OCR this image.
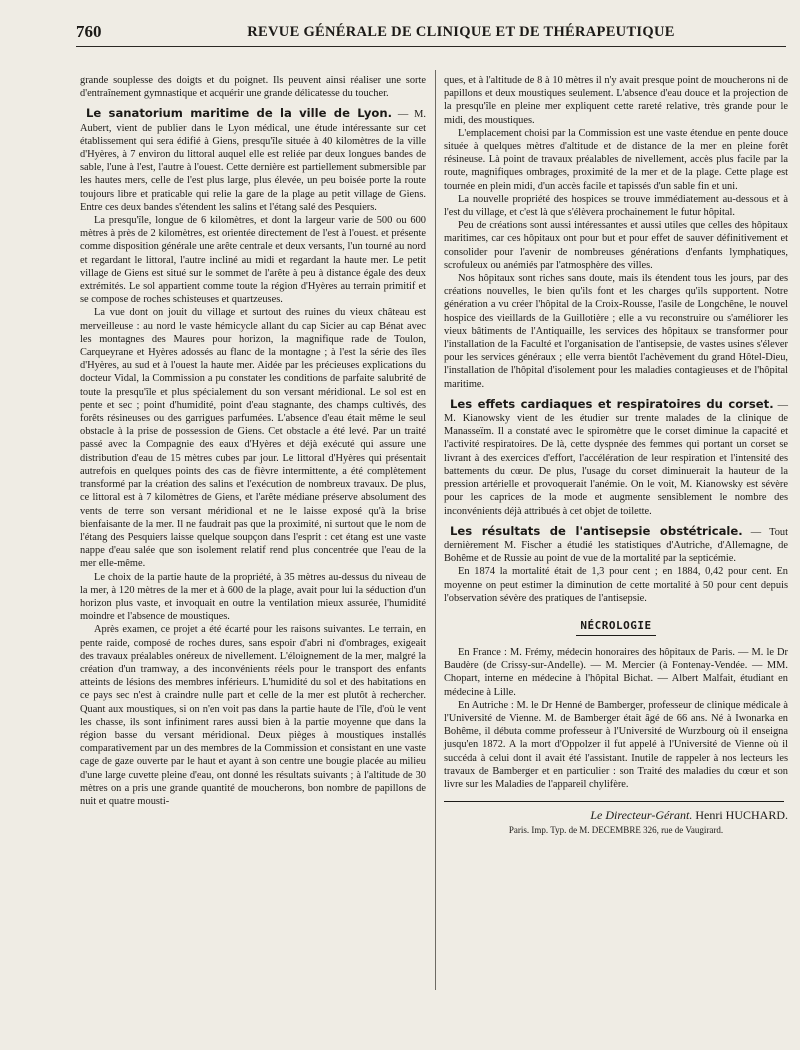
760	REVUE GÉNÉRALE DE CLINIQUE ET DE THÉRAPEUTIQUE

grande souplesse des doigts et du poignet. Ils peuvent ainsi réaliser une sorte d'entraînement gymnastique et acquérir une grande délicatesse du toucher.

Le sanatorium maritime de la ville de Lyon. — M. Aubert, vient de publier dans le Lyon médical, une étude intéressante sur cet établissement qui sera édifié à Giens, presqu'île située à 40 kilomètres de la ville d'Hyères, à 7 environ du littoral auquel elle est reliée par deux longues bandes de sable, l'une à l'est, l'autre à l'ouest. Cette dernière est partiellement submersible par les hautes mers, celle de l'est plus large, plus élevée, un peu boisée porte la route toujours libre et praticable qui relie la gare de la plage au petit village de Giens. Entre ces deux bandes s'étendent les salins et l'étang salé des Pesquiers.

La presqu'île, longue de 6 kilomètres, et dont la largeur varie de 500 ou 600 mètres à près de 2 kilomètres, est orientée directement de l'est à l'ouest. et présente comme disposition générale une arête centrale et deux versants, l'un tourné au nord et regardant le littoral, l'autre incliné au midi et regardant la haute mer. Le petit village de Giens est situé sur le sommet de l'arête à peu à distance égale des deux extrémités. Le sol appartient comme toute la région d'Hyères au terrain primitif et se compose de roches schisteuses et quartzeuses.

La vue dont on jouit du village et surtout des ruines du vieux château est merveilleuse : au nord le vaste hémicycle allant du cap Sicier au cap Bénat avec les montagnes des Maures pour horizon, la magnifique rade de Toulon, Carqueyrane et Hyères adossés au flanc de la montagne ; à l'est la série des îles d'Hyères, au sud et à l'ouest la haute mer. Aidée par les précieuses explications du docteur Vidal, la Commission a pu constater les conditions de parfaite salubrité de toute la presqu'île et plus spécialement du son versant méridional. Le sol est en pente et sec ; point d'humidité, point d'eau stagnante, des champs cultivés, des forêts résineuses ou des garrigues parfumées. L'absence d'eau était même le seul obstacle à la prise de possession de Giens. Cet obstacle a été levé. Par un traité passé avec la Compagnie des eaux d'Hyères et déjà exécuté qui assure une distribution d'eau de 15 mètres cubes par jour. Le littoral d'Hyères qui présentait autrefois en quelques points des cas de fièvre intermittente, a été complètement transformé par la création des salins et l'exécution de nombreux travaux. De plus, ce littoral est à 7 kilomètres de Giens, et l'arête médiane préserve absolument des vents de terre son versant méridional et ne le laisse exposé qu'à la brise bienfaisante de la mer. Il ne faudrait pas que la proximité, ni surtout que le nom de l'étang des Pesquiers laisse quelque soupçon dans l'esprit : cet étang est une vaste nappe d'eau salée que son isolement relatif rend plus concentrée que l'eau de la mer elle-même.

Le choix de la partie haute de la propriété, à 35 mètres au-dessus du niveau de la mer, à 120 mètres de la mer et à 600 de la plage, avait pour lui la séduction d'un horizon plus vaste, et invoquait en outre la ventilation mieux assurée, l'humidité moindre et l'absence de moustiques.

Après examen, ce projet a été écarté pour les raisons suivantes. Le terrain, en pente raide, composé de roches dures, sans espoir d'abri ni d'ombrages, exigeait des travaux préalables onéreux de nivellement. L'éloignement de la mer, malgré la création d'un tramway, a des inconvénients réels pour le transport des enfants atteints de lésions des membres inférieurs. L'humidité du sol et des habitations en ce pays sec n'est à craindre nulle part et celle de la mer est plutôt à rechercher. Quant aux moustiques, si on n'en voit pas dans la partie haute de l'île, d'où le vent les chasse, ils sont infiniment rares aussi bien à la partie moyenne que dans la région basse du versant méridional. Deux pièges à moustiques installés comparativement par un des membres de la Commission et consistant en une vaste cage de gaze ouverte par le haut et ayant à son centre une bougie placée au milieu d'une large cuvette pleine d'eau, ont donné les résultats suivants ; à l'altitude de 30 mètres on a pris une grande quantité de moucherons, bon nombre de papillons de nuit et quatre mousti-

ques, et à l'altitude de 8 à 10 mètres il n'y avait presque point de moucherons ni de papillons et deux moustiques seulement. L'absence d'eau douce et la projection de la presqu'île en pleine mer expliquent cette rareté relative, très grande pour le midi, des moustiques.

L'emplacement choisi par la Commission est une vaste étendue en pente douce située à quelques mètres d'altitude et de distance de la mer en pleine forêt résineuse. Là point de travaux préalables de nivellement, accès plus facile par la route, magnifiques ombrages, proximité de la mer et de la plage. Cette plage est tournée en plein midi, d'un accès facile et tapissés d'un sable fin et uni.

La nouvelle propriété des hospices se trouve immédiatement au-dessous et à l'est du village, et c'est là que s'élèvera prochainement le futur hôpital.

Peu de créations sont aussi intéressantes et aussi utiles que celles des hôpitaux maritimes, car ces hôpitaux ont pour but et pour effet de sauver définitivement et consolider pour l'avenir de nombreuses générations d'enfants lymphatiques, scrofuleux ou anémiés par l'atmosphère des villes.

Nos hôpitaux sont riches sans doute, mais ils étendent tous les jours, par des créations nouvelles, le bien qu'ils font et les charges qu'ils supportent. Notre génération a vu créer l'hôpital de la Croix-Rousse, l'asile de Longchêne, le nouvel hospice des vieillards de la Guillotière ; elle a vu reconstruire ou s'améliorer les vieux bâtiments de l'Antiquaille, les services des hôpitaux se transformer pour l'installation de la Faculté et l'organisation de l'antisepsie, de vastes usines s'élever pour les services généraux ; elle verra bientôt l'achèvement du grand Hôtel-Dieu, l'installation de l'hôpital d'isolement pour les maladies contagieuses et de l'hôpital maritime.

Les effets cardiaques et respiratoires du corset. — M. Kianowsky vient de les étudier sur trente malades de la clinique de Manasseïm. Il a constaté avec le spiromètre que le corset diminue la capacité et l'activité respiratoires. De là, cette dyspnée des femmes qui portant un corset se livrant à des exercices d'effort, l'accélération de leur respiration et l'intensité des battements du cœur. De plus, l'usage du corset diminuerait la hauteur de la pression artérielle et provoquerait l'anémie. On le voit, M. Kianowsky est sévère pour les caprices de la mode et augmente sensiblement le nombre des inconvénients déjà attribués à cet objet de toilette.

Les résultats de l'antisepsie obstétricale. — Tout dernièrement M. Fischer a étudié les statistiques d'Autriche, d'Allemagne, de Bohême et de Russie au point de vue de la mortalité par la septicémie.

En 1874 la mortalité était de 1,3 pour cent ; en 1884, 0,42 pour cent. En moyenne on peut estimer la diminution de cette mortalité à 50 pour cent depuis l'observation sévère des pratiques de l'antisepsie.

NÉCROLOGIE

En France : M. Frémy, médecin honoraires des hôpitaux de Paris. — M. le Dr Baudère (de Crissy-sur-Andelle). — M. Mercier (à Fontenay-Vendée. — MM. Chopart, interne en médecine à l'hôpital Bichat. — Albert Malfait, étudiant en médecine à Lille.

En Autriche : M. le Dr Henné de Bamberger, professeur de clinique médicale à l'Université de Vienne. M. de Bamberger était âgé de 66 ans. Né à Iwonarka en Bohême, il débuta comme professeur à l'Université de Wurzbourg où il enseigna jusqu'en 1872. A la mort d'Oppolzer il fut appelé à l'Université de Vienne où il succéda à celui dont il avait été l'assistant. Inutile de rappeler à nos lecteurs les travaux de Bamberger et en particulier : son Traité des maladies du cœur et son livre sur les Maladies de l'appareil chylifère.

Le Directeur-Gérant. Henri HUCHARD.
Paris. Imp. Typ. de M. DECEMBRE 326, rue de Vaugirard.
